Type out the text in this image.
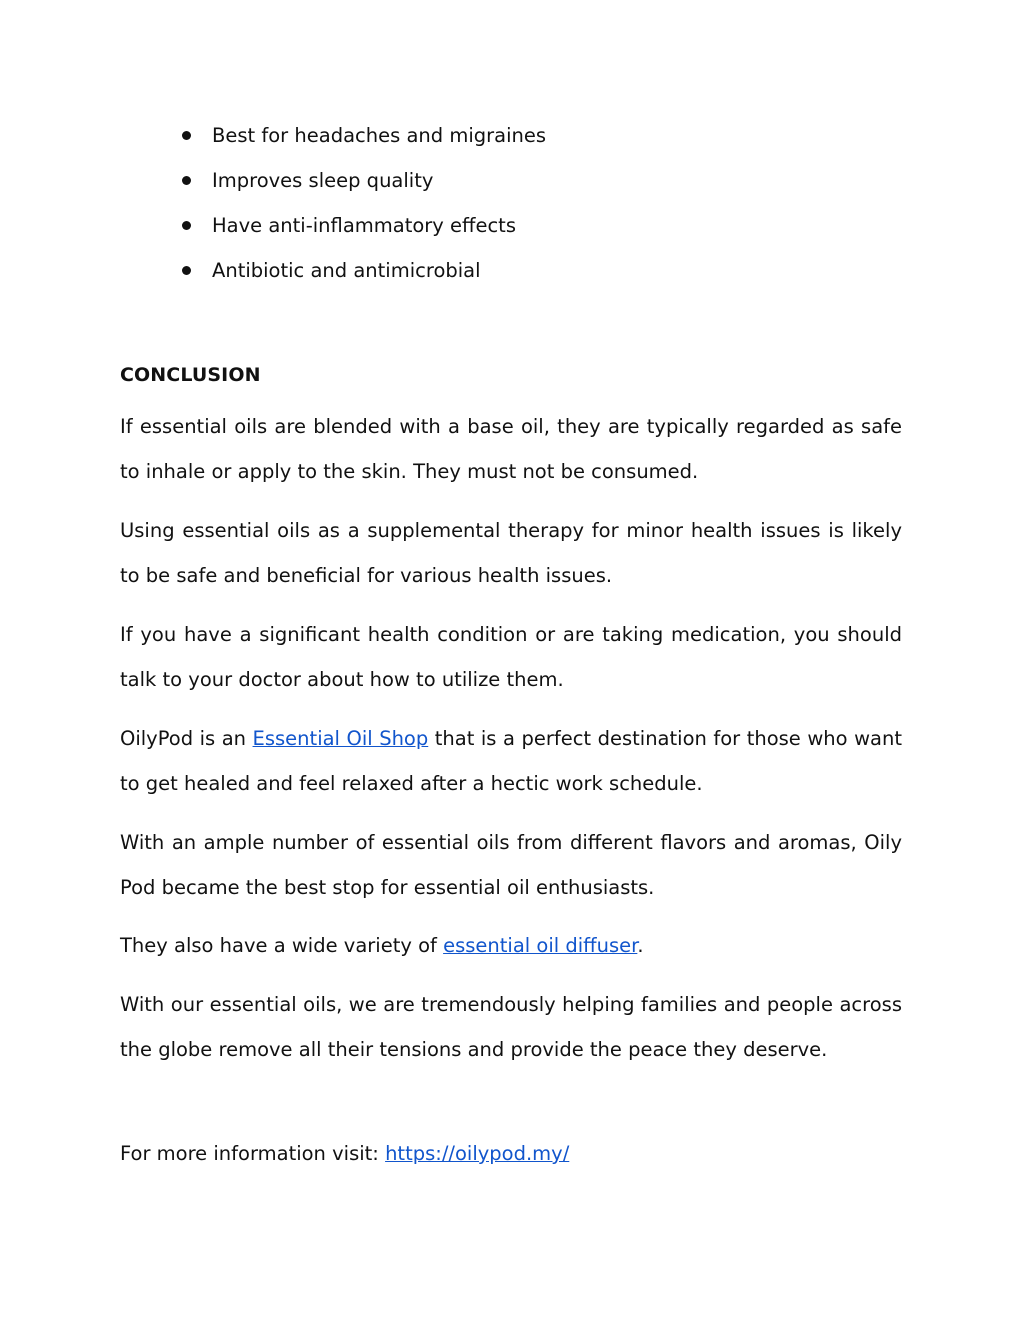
Best for headaches and migraines
Improves sleep quality
Have anti-inflammatory effects
Antibiotic and antimicrobial
CONCLUSION

If essential oils are blended with a base oil, they are typically regarded as safe to inhale or apply to the skin. They must not be consumed.

Using essential oils as a supplemental therapy for minor health issues is likely to be safe and beneficial for various health issues.

If you have a significant health condition or are taking medication, you should talk to your doctor about how to utilize them.

OilyPod is an Essential Oil Shop that is a perfect destination for those who want to get healed and feel relaxed after a hectic work schedule.

With an ample number of essential oils from different flavors and aromas, Oily Pod became the best stop for essential oil enthusiasts.

They also have a wide variety of essential oil diffuser.

With our essential oils, we are tremendously helping families and people across the globe remove all their tensions and provide the peace they deserve.

For more information visit: https://oilypod.my/
